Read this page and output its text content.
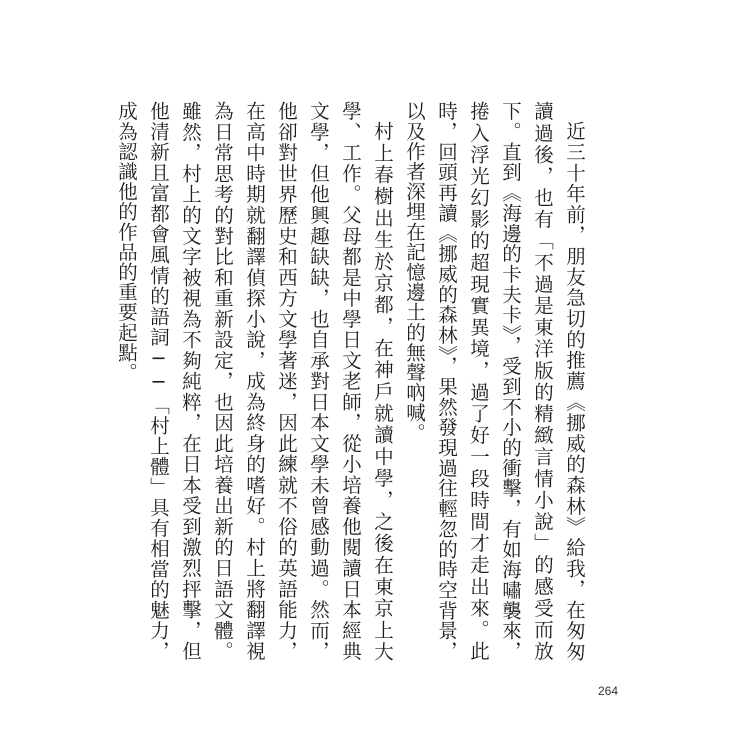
近三十年前，朋友急切的推薦《挪威的森林》給我，在匆匆讀過後，也有「不過是東洋版的精緻言情小說」的感受而放下。直到《海邊的卡夫卡》，受到不小的衝擊，有如海嘯襲來，捲入浮光幻影的超現實異境，過了好一段時間才走出來。此時，回頭再讀《挪威的森林》，果然發現過往輕忽的時空背景，以及作者深埋在記憶邊土的無聲吶喊。

村上春樹出生於京都，在神戶就讀中學，之後在東京上大學、工作。父母都是中學日文老師，從小培養他閱讀日本經典文學，但他興趣缺缺，也自承對日本文學未曾感動過。然而，他卻對世界歷史和西方文學著迷，因此練就不俗的英語能力，在高中時期就翻譯偵探小說，成為終身的嗜好。村上將翻譯視為日常思考的對比和重新設定，也因此培養出新的日語文體。雖然，村上的文字被視為不夠純粹，在日本受到激烈抨擊，但他清新且富都會風情的語詞──「村上體」具有相當的魅力，成為認識他的作品的重要起點。

264
